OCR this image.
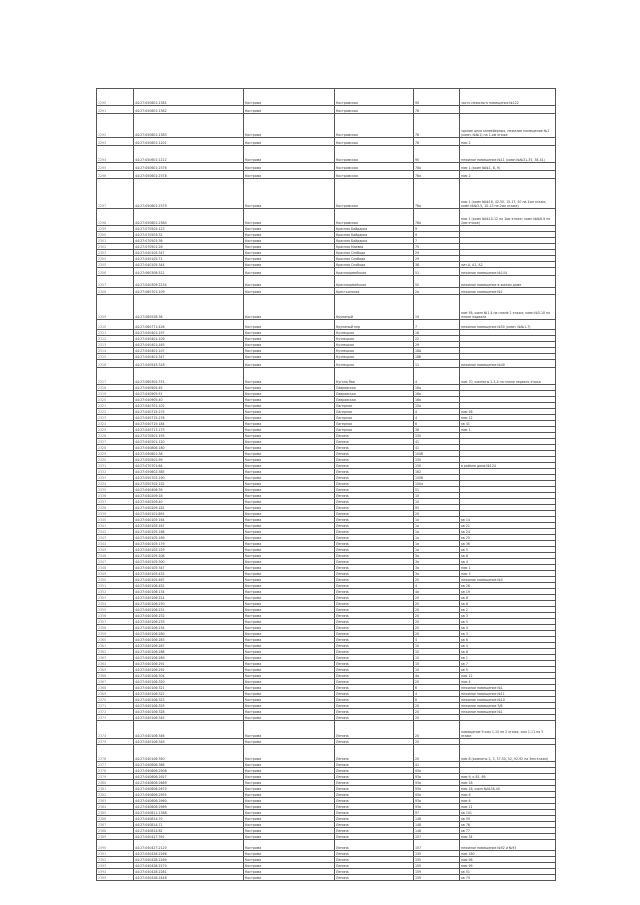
2290	44:27:050601:1381	Кострома	Костромская	90	часть нежилого помещения №122
2291	44:27:050601:1382	Кострома	Костромская	78	
2292	44:27:050601:1383	Кострома	Костромская	78	здание цеха конвейерных, нежилое помещение №1 (комн. №№1) на 1-ом этаже
2293	44:27:050601:1201	Кострома	Костромская	78	пом 2
2294	44:27:050601:1212	Кострома	Костромская	90	нежилое помещение №11 (комн №№31-35, 38-41)
2295	44:27:050601:2376	Кострома	Костромская	78а	пом 1 (комн №№1, 8, 9)
2296	44:27:050601:2378	Кострома	Костромская	78а	пом 2
2297	44:27:050601:2379	Кострома	Костромская	78а	пом 1 (комн №№16, 42-50, 15-17, 20 на 1ом этаже, комн №№3-5, 10-13 на 2ом этаже)
2298	44:27:050601:2380	Кострома	Костромская	78а	пом 1 (комн №№10-12 на 1ом этаже; комн №№8-9 на 2ом этаже)
2299	44:27:070503:123	Кострома	Красная Байдарка	9	
2300	44:27:070503:32	Кострома	Красная Байдарка	9	
2301	44:27:070503:36	Кострома	Красная Байдарка	7	
2302	44:27:070501:26	Кострома	Красная Маевка	75	
2303	44:27:040105:347	Кострома	Красная Слобода	29	
2304	44:27:040105:71	Кострома	Красная Слобода	29	
2305	44:27:040105:344	Кострома	Красная Слобода	38	лит.А, А1, А2
2306	44:27:060308:512	Кострома	Красноармейская	51	нежилое помещение №144
2307	44:27:040309:2234	Кострома	Красноармейская	50	нежилое помещение в жилом доме
2308	44:27:080701:109	Кострома	Крестьянская	2а	нежилое помещение №1
2309	44:27:080528:36	Кострома	Крупиный	19	пом 56, комн №1-4 на плане 1 этажа; комн №5-10 на плане подвала
2310	44:27:060771:426	Кострома	Крупиный пер	7	нежилое помещение №50 (комн. №№1-7)
2311	44:27:040401:197	Кострома	Кузнецкая	16	
2312	44:27:040401:109	Кострома	Кузнецкая	22	
2313	44:27:040401:163	Кострома	Кузнецкая	29	
2314	44:27:040401:107	Кострома	Кузнецкая	18А	
2315	44:27:040401:347	Кострома	Кузнецкая	18б	
2316	44:27:040543:318	Кострома	Кузнецкая	11	нежилое помещение №40
2317	44:27:060302:374	Кострома	Кугьпа Ява	4	пом 70, комнаты 2-3-4 на плане первого этажа
2318	44:27:040905:45	Кострома	Лавровская	16а	
2319	44:27:040905:51	Кострома	Лавровская	16а	
2320	44:27:040905:40	Кострома	Лавровская	16а	
2321	44:27:040701:102	Кострома	Лагерная	15а	
2322	44:27:040715:275	Кострома	Лагерная	4	пом 56
2323	44:27:040715:276	Кострома	Лагерная	4	пом 12
2324	44:27:040715:184	Кострома	Лагерная	6	кв 41
2325	44:27:040717:173	Кострома	Лагерная	38	пом 1
2326	44:27:070501:193	Кострома	Ленина	150	
2327	44:27:040201:120	Кострома	Ленина	41	
2328	44:27:040806:180	Кострома	Ленина	41	
2329	44:27:040601:38	Кострома	Ленина	100б	
2330	44:27:050501:99	Кострома	Ленина	150	
2331	44:27:070701:64	Кострома	Ленина	150	в районе дома №124
2332	44:27:050602:385	Кострома	Ленина	162	
2333	44:27:050702:190	Кострома	Ленина	150б	
2334	44:27:050702:152	Кострома	Ленина	150а	
2335	44:27:040406:39	Кострома	Ленина	51	
2336	44:27:040209:18	Кострома	Ленина	10	
2337	44:27:040209:40	Кострома	Ленина	10	
2338	44:27:040209:181	Кострома	Ленина	95	
2339	44:27:040101:891	Кострома	Ленина	20	
2340	44:27:040105:164	Кострома	Ленина	1а	кв 14
2341	44:27:040105:167	Кострома	Ленина	1а	кв 21
2342	44:27:040105:168	Кострома	Ленина	1а	кв 24
2343	44:27:040105:169	Кострома	Ленина	1а	кв 25
2344	44:27:040105:179	Кострома	Ленина	1а	кв 36
2345	44:27:040105:229	Кострома	Ленина	1а	кв 5
2346	44:27:040105:208	Кострома	Ленина	3а	кв 8
2347	44:27:040105:300	Кострома	Ленина	3а	кв 4
2348	44:27:040105:347	Кострома	Ленина	3а	пом 1
2349	44:27:040105:432	Кострома	Ленина	3а	пом 3
2350	44:27:040105:467	Кострома	Ленина	20	нежилое помещение №5
2351	44:27:040106:452	Кострома	Ленина	4	кв 26
2352	44:27:040106:134	Кострома	Ленина	4а	кв 19
2353	44:27:040106:224	Кострома	Ленина	20	кв 8
2354	44:27:040106:230	Кострома	Ленина	20	кв 8
2355	44:27:040106:231	Кострома	Ленина	20	кв 2
2356	44:27:040106:232	Кострома	Ленина	20	кв 3
2357	44:27:040106:233	Кострома	Ленина	20	кв 5
2358	44:27:040106:234	Кострома	Ленина	20	кв 4
2359	44:27:040106:280	Кострома	Ленина	20	кв 3
2360	44:27:040106:283	Кострома	Ленина	4	кв 6
2361	44:27:040106:287	Кострома	Ленина	10	кв 4
2362	44:27:040106:288	Кострома	Ленина	10	кв 8
2363	44:27:040106:289	Кострома	Ленина	10	кв 1
2364	44:27:040106:291	Кострома	Ленина	10	кв 7
2365	44:27:040106:292	Кострома	Ленина	10	кв 5
2366	44:27:040106:304	Кострома	Ленина	4а	пом 12
2367	44:27:040106:320	Кострома	Ленина	20	пом 4
2368	44:27:040106:321	Кострома	Ленина	6	нежилое помещение №1
2369	44:27:040106:322	Кострома	Ленина	4	нежилое помещение №11
2370	44:27:040106:323	Кострома	Ленина	6	нежилое помещение №10
2371	44:27:040106:325	Кострома	Ленина	20	нежилое помещение 5/6
2372	44:27:040106:328	Кострома	Ленина	20	нежилое помещение №1
2373	44:27:040106:345	Кострома	Ленина	20	
2374	44:27:040106:346	Кострома	Ленина	20	помещение 9 ком 1-10 на 2 этаже, ком 1-11 на 3 этаже
2375	44:27:040106:349	Кострома	Ленина	20	
2376	44:27:040106:350	Кострома	Ленина	20	пом 8 (комнаты 2, 3, 37-50, 52, 92-92 на 3ем этаже)
2377	44:27:040606:386	Кострома	Ленина	41	
2378	44:27:040606:2908	Кострома	Ленина	93а	
2379	44:27:040606:2927	Кострома	Ленина	93а	пом 9, к 81, 69
2380	44:27:040606:2669	Кострома	Ленина	93а	пом 18
2381	44:27:040606:2670	Кострома	Ленина	93а	пом 18, комн №№38-40
2382	44:27:040606:2955	Кострома	Ленина	93а	пом 6
2383	44:27:040606:2960	Кострома	Ленина	93а	пом 6
2384	44:27:040606:2969	Кострома	Ленина	93а	пом 11
2385	44:27:040811:1368	Кострома	Ленина	97	кв 101
2386	44:27:040814:70	Кострома	Ленина	148	кв 59
2387	44:27:040814:71	Кострома	Ленина	148	кв 76
2388	44:27:040814:82	Кострома	Ленина	148	кв 77
2389	44:27:040427:391	Кострома	Ленина	157	пом 34
2390	44:27:040427:2120	Кострома	Ленина	157	нежилое помещение №92 и №93
2391	44:27:040428:2266	Кострома	Ленина	155	пом 180
2392	44:27:040428:2269	Кострома	Ленина	155	пом 98
2393	44:27:040428:2270	Кострома	Ленина	155	пом 99
2394	44:27:040428:2281	Кострома	Ленина	159	кв 51
2395	44:27:040428:2446	Кострома	Ленина	159	кв 79
